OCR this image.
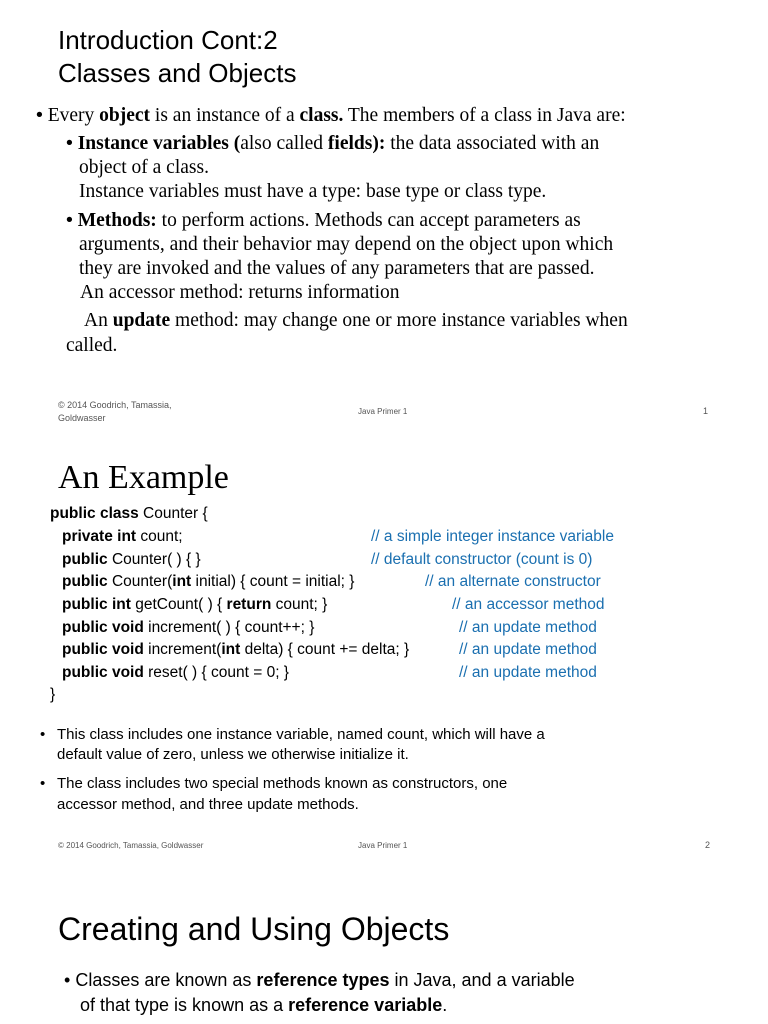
Introduction Cont:2
Classes and Objects
• Every object is an instance of a class. The members of a class in Java are:
• Instance variables (also called fields): the data associated with an
object of a class.
Instance variables must have a type: base type or class type.
• Methods: to perform actions. Methods can accept parameters as
arguments, and their behavior may depend on the object upon which
they are invoked and the values of any parameters that are passed.
An accessor method: returns information
An update method: may change one or more instance variables when
called.
© 2014 Goodrich, Tamassia,
Goldwasser
Java Primer 1	1
An Example
public class Counter {
private int count;	// a simple integer instance variable
public Counter( ) { }	// default constructor (count is 0)
public Counter(int initial) { count = initial; }	// an alternate constructor
public int getCount( ) { return count; }	// an accessor method
public void increment( ) { count++; }	// an update method
public void increment(int delta) { count += delta; }	// an update method
public void reset( ) { count = 0; }	// an update method
}
• This class includes one instance variable, named count, which will have a
default value of zero, unless we otherwise initialize it.
• The class includes two special methods known as constructors, one
accessor method, and three update methods.
© 2014 Goodrich, Tamassia, Goldwasser	Java Primer 1	2
Creating and Using Objects
• Classes are known as reference types in Java, and a variable
of that type is known as a reference variable.
